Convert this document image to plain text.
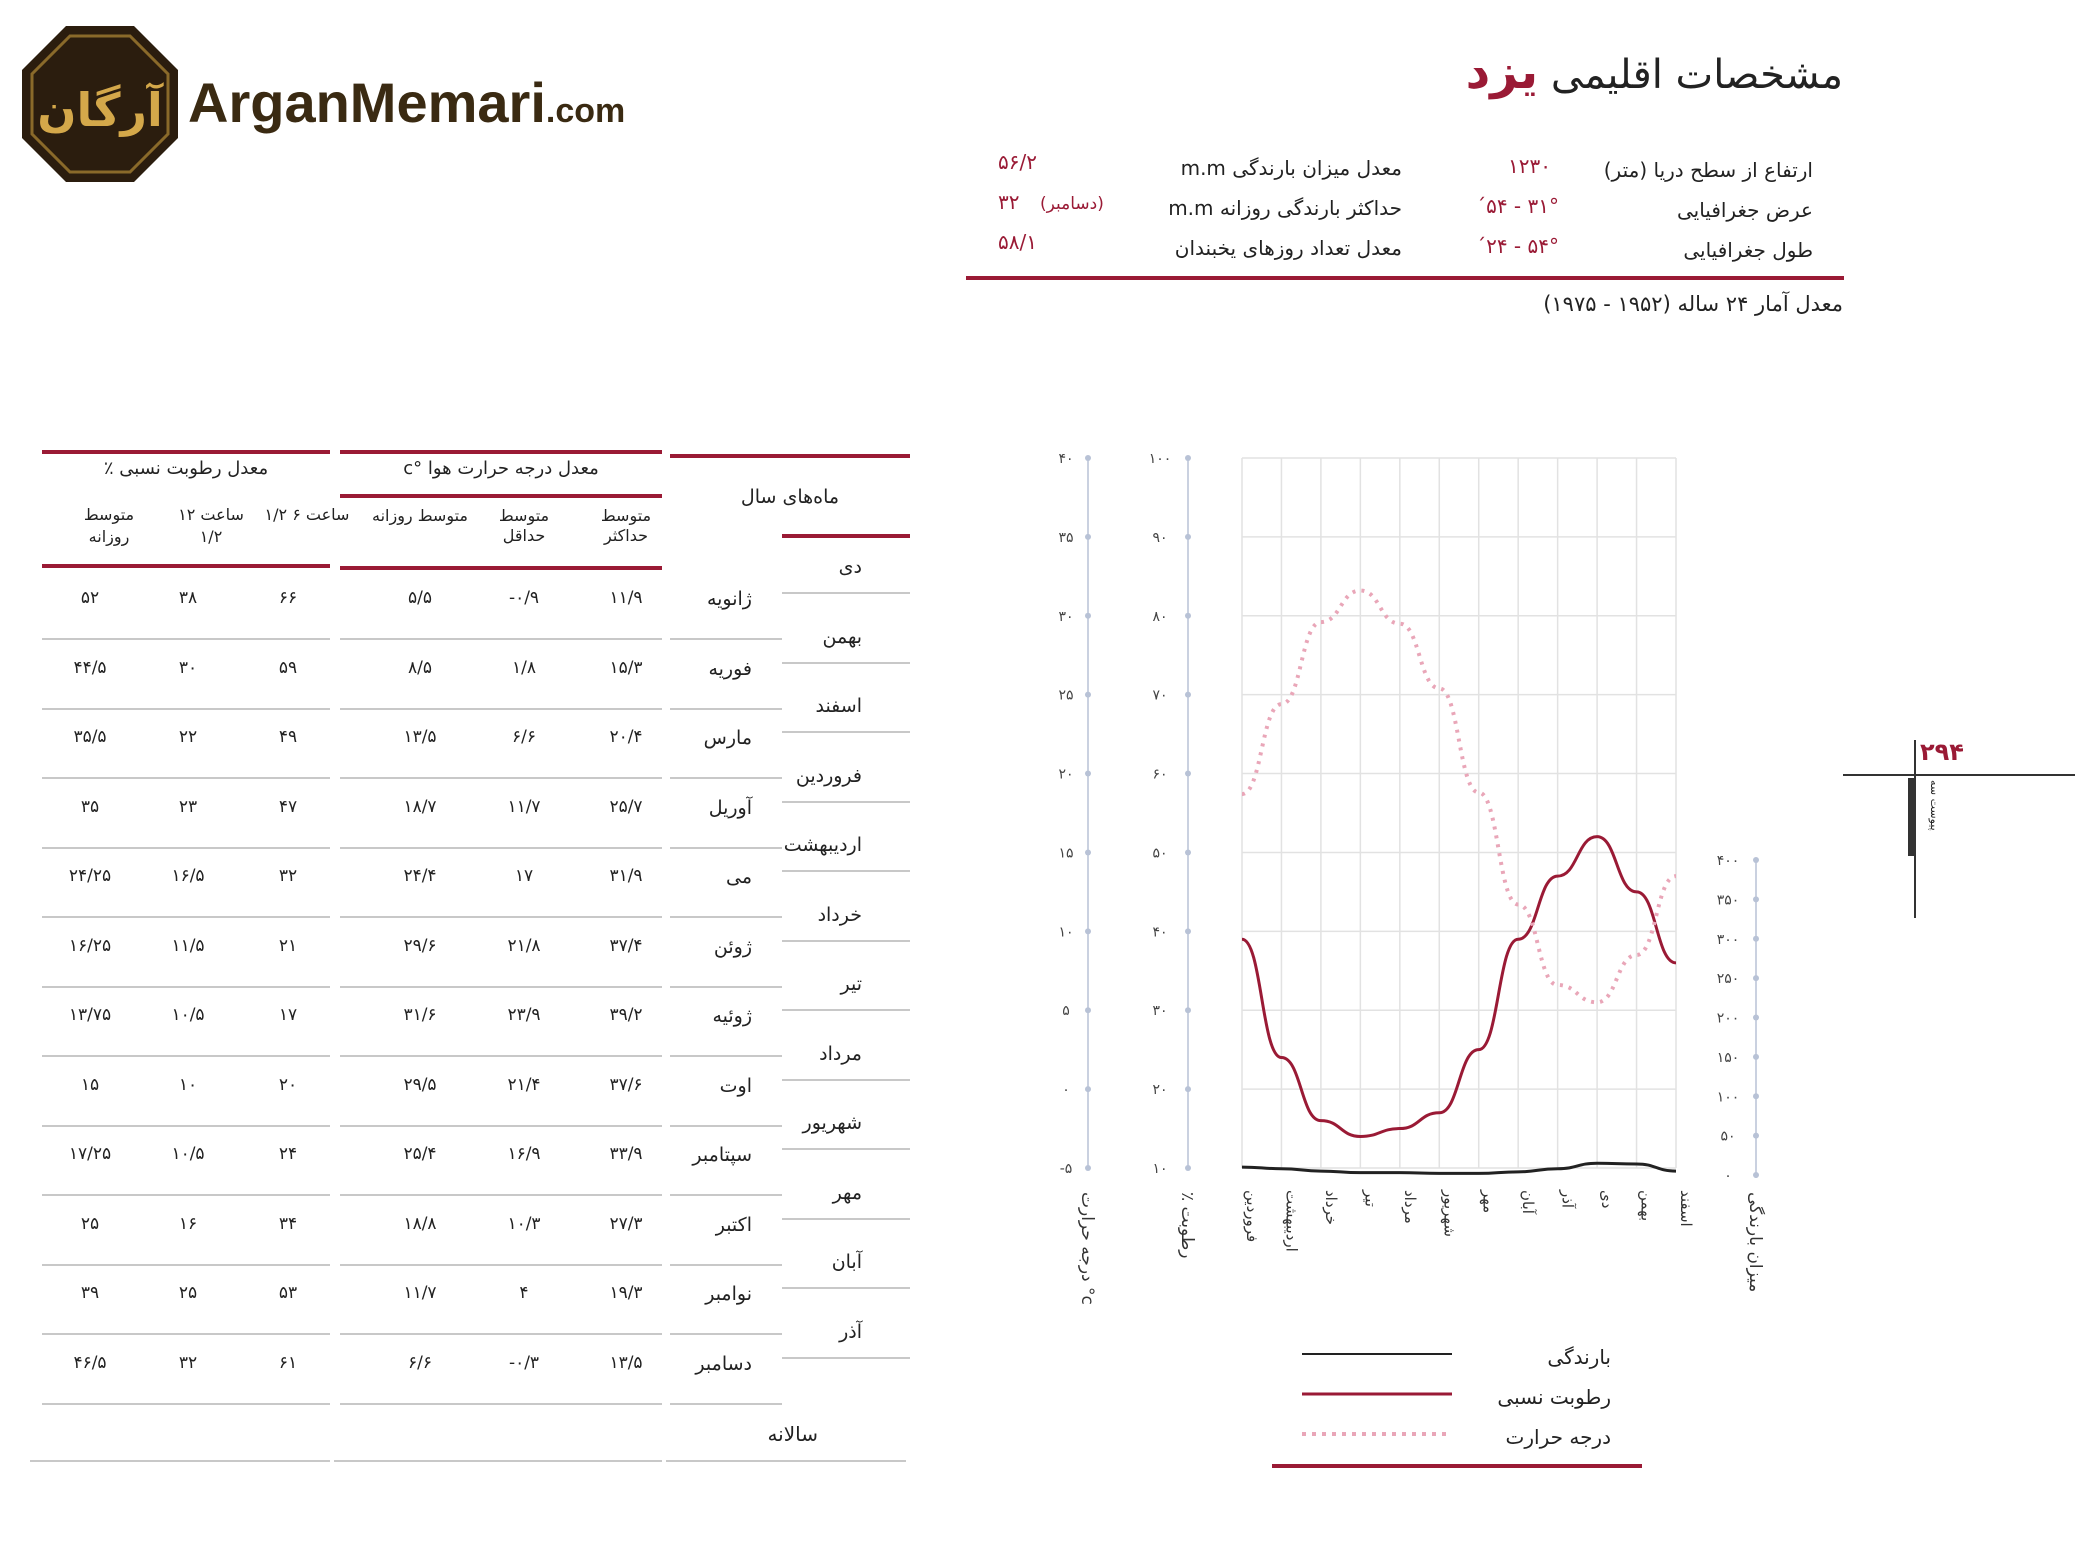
آرگان ArganMemari.com
مشخصات اقلیمی یزد
ارتفاع از سطح دریا (متر)
۱۲۳۰
عرض جغرافیایی
۳۱° - ۵۴´
طول جغرافیایی
۵۴° - ۲۴´
معدل میزان بارندگی m.m
۵۶/۲
حداکثر بارندگی روزانه m.m
۳۲ (دسامبر)
معدل تعداد روزهای یخبندان
۵۸/۱
معدل آمار ۲۴ ساله (۱۹۵۲ - ۱۹۷۵)
۲۹۴
پیوست سه
معدل رطوبت نسبی ٪	معدل درجه حرارت هوا °c
ماه‌های سال
متوسط حداکثر
متوسط حداقل
متوسط روزانه
ساعت ۶ ۱/۲
ساعت ۱۲ ۱/۲
متوسط روزانه
دی
بهمن
اسفند
فروردین
اردیبهشت
خرداد
تیر
مرداد
شهریور
مهر
آبان
آذر
ژانویه
۱۱/۹
-۰/۹
۵/۵
۶۶
۳۸
۵۲
فوریه
۱۵/۳
۱/۸
۸/۵
۵۹
۳۰
۴۴/۵
مارس
۲۰/۴
۶/۶
۱۳/۵
۴۹
۲۲
۳۵/۵
آوریل
۲۵/۷
۱۱/۷
۱۸/۷
۴۷
۲۳
۳۵
می
۳۱/۹
۱۷
۲۴/۴
۳۲
۱۶/۵
۲۴/۲۵
ژوئن
۳۷/۴
۲۱/۸
۲۹/۶
۲۱
۱۱/۵
۱۶/۲۵
ژوئیه
۳۹/۲
۲۳/۹
۳۱/۶
۱۷
۱۰/۵
۱۳/۷۵
اوت
۳۷/۶
۲۱/۴
۲۹/۵
۲۰
۱۰
۱۵
سپتامبر
۳۳/۹
۱۶/۹
۲۵/۴
۲۴
۱۰/۵
۱۷/۲۵
اکتبر
۲۷/۳
۱۰/۳
۱۸/۸
۳۴
۱۶
۲۵
نوامبر
۱۹/۳
۴
۱۱/۷
۵۳
۲۵
۳۹
دسامبر
۱۳/۵
-۰/۳
۶/۶
۶۱
۳۲
۴۶/۵
سالانه
۴۰
۳۵
۳۰
۲۵
۲۰
۱۵
۱۰
۵
۰
-۵
۱۰۰
۹۰
۸۰
۷۰
۶۰
۵۰
۴۰
۳۰
۲۰
۱۰
۴۰۰
۳۵۰
۳۰۰
۲۵۰
۲۰۰
۱۵۰
۱۰۰
۵۰
۰
درجه حرارت °c
٪ رطوبت	میزان بارندگی
فروردین اردیبهشت خرداد تیر مرداد شهریور مهر آبان آذر دی بهمن اسفند
بارندگی
رطوبت نسبی
درجه حرارت
